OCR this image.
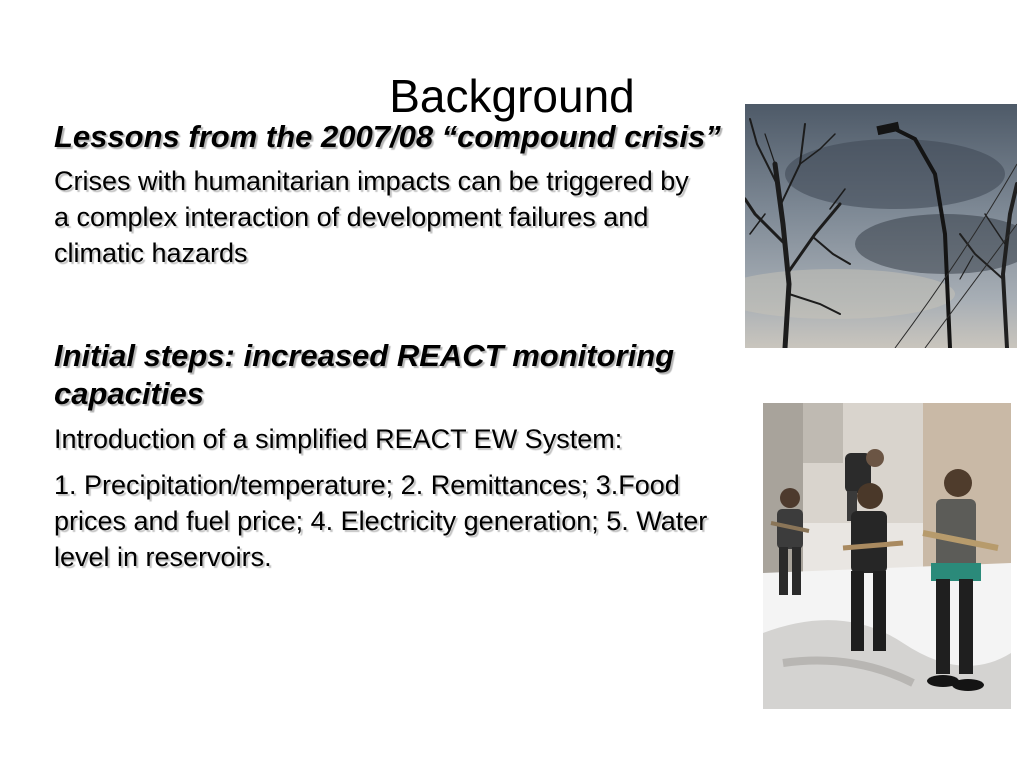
Background

Lessons from the 2007/08 “compound crisis”

Crises with humanitarian impacts can be triggered by a complex interaction of development failures and climatic hazards

Initial steps: increased REACT monitoring capacities

Introduction of a simplified REACT EW System:

1. Precipitation/temperature; 2. Remittances; 3.Food prices and fuel price; 4. Electricity generation; 5. Water level in reservoirs.
